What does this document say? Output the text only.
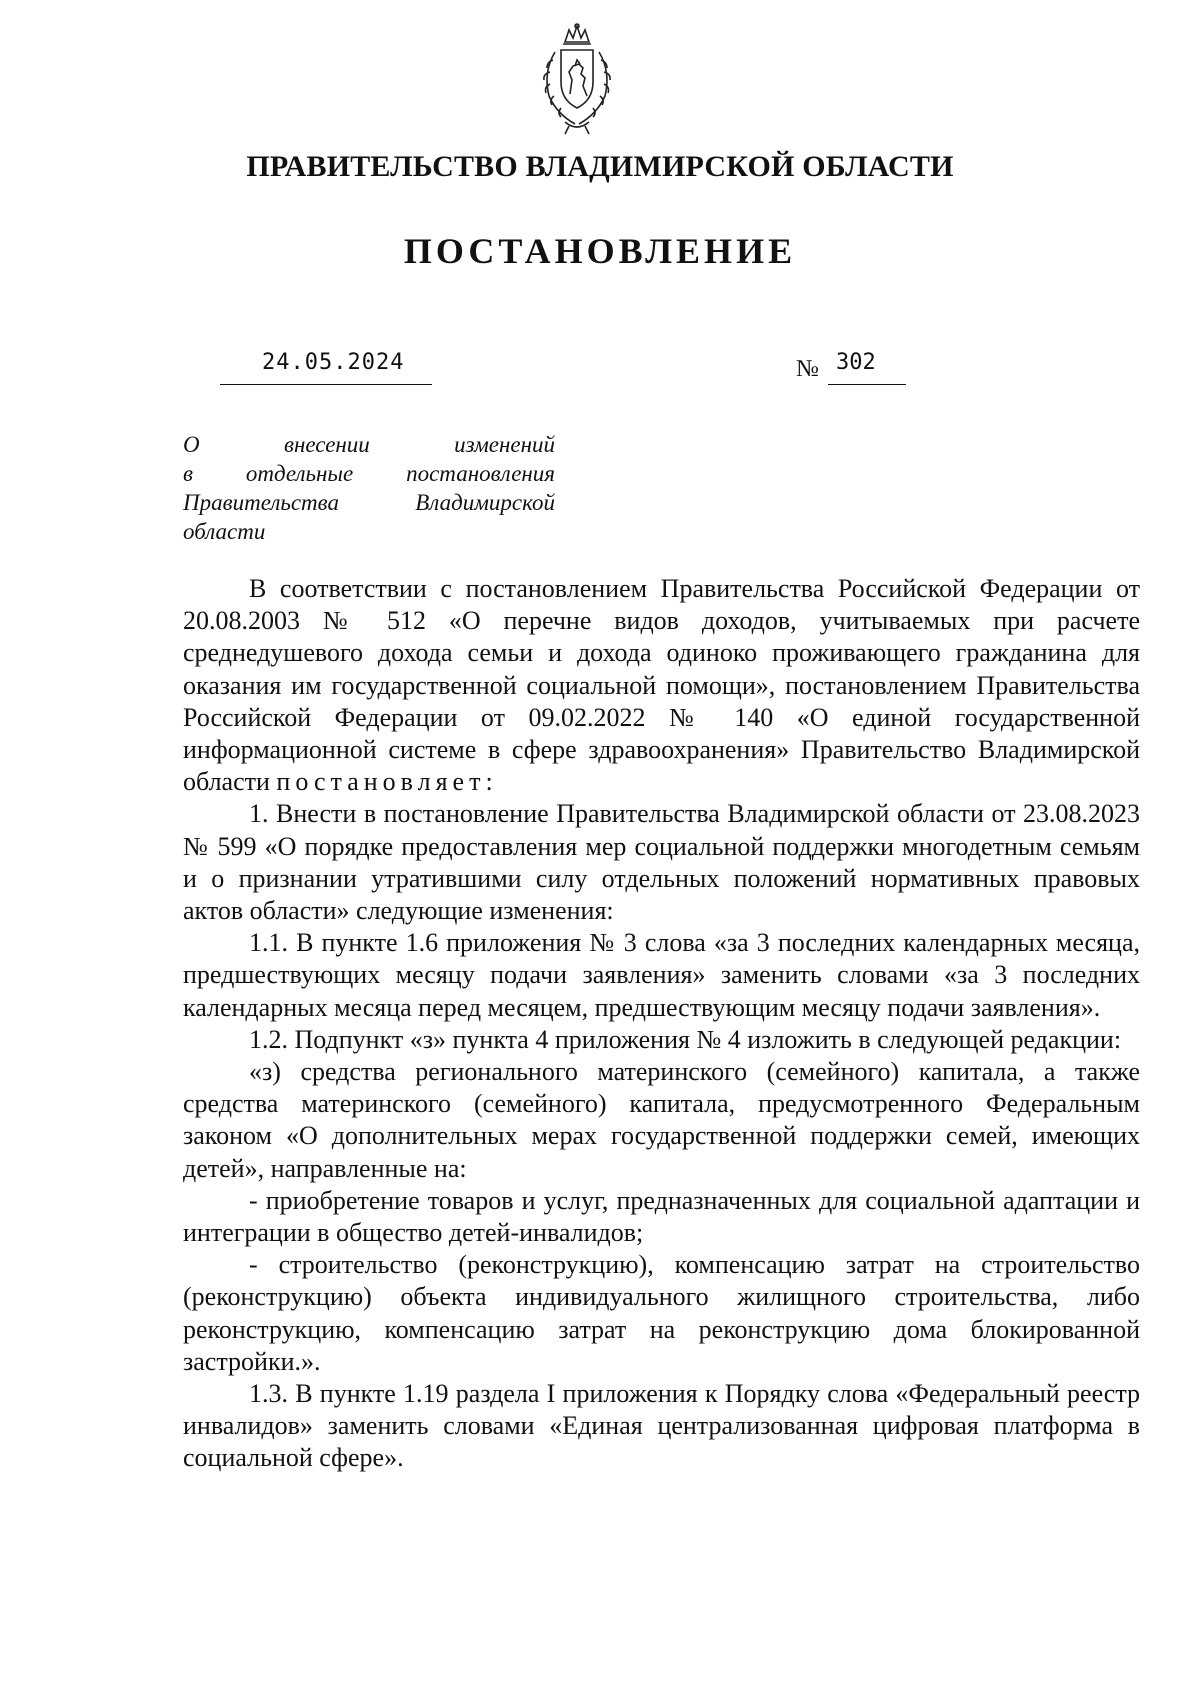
ПРАВИТЕЛЬСТВО ВЛАДИМИРСКОЙ ОБЛАСТИ
ПОСТАНОВЛЕНИЕ
24.05.2024	№ 302
О	внесении	изменений
в отдельные постановления
Правительства	Владимирской
области

В соответствии с постановлением Правительства Российской Федерации от 20.08.2003 № 512 «О перечне видов доходов, учитываемых при расчете среднедушевого дохода семьи и дохода одиноко проживающего гражданина для оказания им государственной социальной помощи», постановлением Правительства Российской Федерации от 09.02.2022 № 140 «О единой государственной информационной системе в сфере здравоохранения» Правительство Владимирской области постановляет:

1. Внести в постановление Правительства Владимирской области от 23.08.2023 № 599 «О порядке предоставления мер социальной поддержки многодетным семьям и о признании утратившими силу отдельных положений нормативных правовых актов области» следующие изменения:

1.1. В пункте 1.6 приложения № 3 слова «за 3 последних календарных месяца, предшествующих месяцу подачи заявления» заменить словами «за 3 последних календарных месяца перед месяцем, предшествующим месяцу подачи заявления».

1.2. Подпункт «з» пункта 4 приложения № 4 изложить в следующей редакции:

«з) средства регионального материнского (семейного) капитала, а также средства материнского (семейного) капитала, предусмотренного Федеральным законом «О дополнительных мерах государственной поддержки семей, имеющих детей», направленные на:

- приобретение товаров и услуг, предназначенных для социальной адаптации и интеграции в общество детей-инвалидов;

- строительство (реконструкцию), компенсацию затрат на строительство (реконструкцию) объекта индивидуального жилищного строительства, либо реконструкцию, компенсацию затрат на реконструкцию дома блокированной застройки.».

1.3. В пункте 1.19 раздела I приложения к Порядку слова «Федеральный реестр инвалидов» заменить словами «Единая централизованная цифровая платформа в социальной сфере».
